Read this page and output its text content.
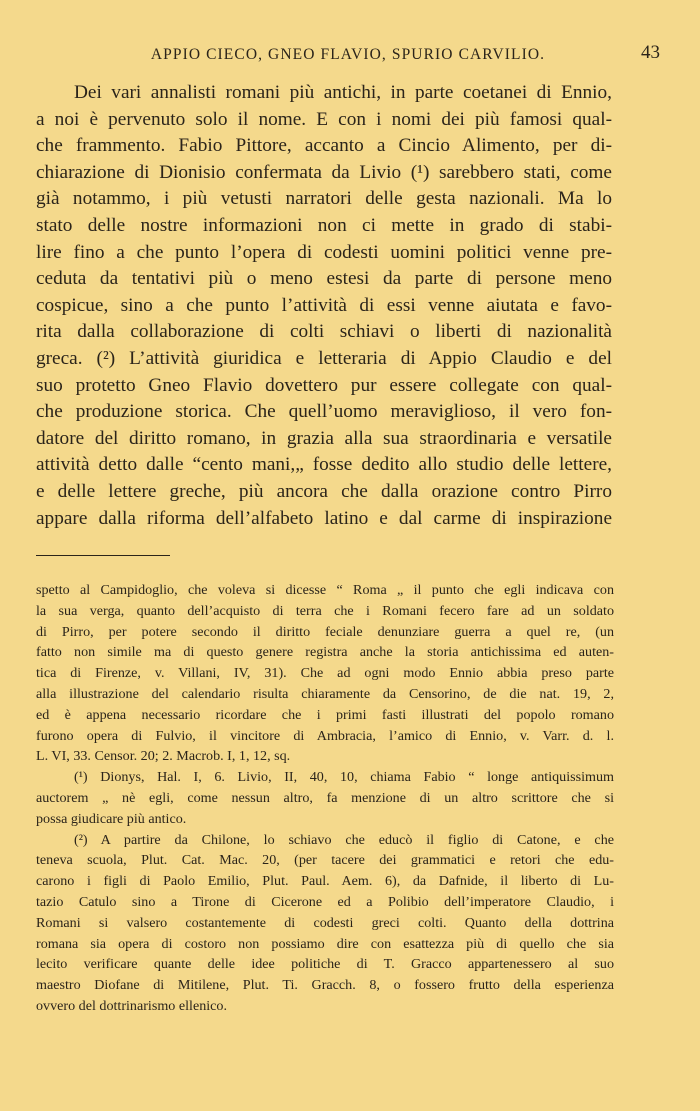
APPIO CIECO, GNEO FLAVIO, SPURIO CARVILIO.	43
Dei vari annalisti romani più antichi, in parte coetanei di Ennio,
a noi è pervenuto solo il nome. E con i nomi dei più famosi qual-
che frammento. Fabio Pittore, accanto a Cincio Alimento, per di-
chiarazione di Dionisio confermata da Livio (¹) sarebbero stati, come
già notammo, i più vetusti narratori delle gesta nazionali. Ma lo
stato delle nostre informazioni non ci mette in grado di stabi-
lire fino a che punto l’opera di codesti uomini politici venne pre-
ceduta da tentativi più o meno estesi da parte di persone meno
cospicue, sino a che punto l’attività di essi venne aiutata e favo-
rita dalla collaborazione di colti schiavi o liberti di nazionalità
greca. (²) L’attività giuridica e letteraria di Appio Claudio e del
suo protetto Gneo Flavio dovettero pur essere collegate con qual-
che produzione storica. Che quell’uomo meraviglioso, il vero fon-
datore del diritto romano, in grazia alla sua straordinaria e versatile
attività detto dalle “cento mani,„ fosse dedito allo studio delle lettere,
e delle lettere greche, più ancora che dalla orazione contro Pirro
appare dalla riforma dell’alfabeto latino e dal carme di inspirazione
spetto al Campidoglio, che voleva si dicesse “ Roma „ il punto che egli indicava con
la sua verga, quanto dell’acquisto di terra che i Romani fecero fare ad un soldato
di Pirro, per potere secondo il diritto feciale denunziare guerra a quel re, (un
fatto non simile ma di questo genere registra anche la storia antichissima ed auten-
tica di Firenze, v. Villani, IV, 31). Che ad ogni modo Ennio abbia preso parte
alla illustrazione del calendario risulta chiaramente da Censorino, de die nat. 19, 2,
ed è appena necessario ricordare che i primi fasti illustrati del popolo romano
furono opera di Fulvio, il vincitore di Ambracia, l’amico di Ennio, v. Varr. d. l.
L. VI, 33. Censor. 20; 2. Macrob. I, 1, 12, sq.
(¹) Dionys, Hal. I, 6. Livio, II, 40, 10, chiama Fabio “ longe antiquissimum
auctorem „ nè egli, come nessun altro, fa menzione di un altro scrittore che si
possa giudicare più antico.
(²) A partire da Chilone, lo schiavo che educò il figlio di Catone, e che
teneva scuola, Plut. Cat. Mac. 20, (per tacere dei grammatici e retori che edu-
carono i figli di Paolo Emilio, Plut. Paul. Aem. 6), da Dafnide, il liberto di Lu-
tazio Catulo sino a Tirone di Cicerone ed a Polibio dell’imperatore Claudio, i
Romani si valsero costantemente di codesti greci colti. Quanto della dottrina
romana sia opera di costoro non possiamo dire con esattezza più di quello che sia
lecito verificare quante delle idee politiche di T. Gracco appartenessero al suo
maestro Diofane di Mitilene, Plut. Ti. Gracch. 8, o fossero frutto della esperienza
ovvero del dottrinarismo ellenico.
